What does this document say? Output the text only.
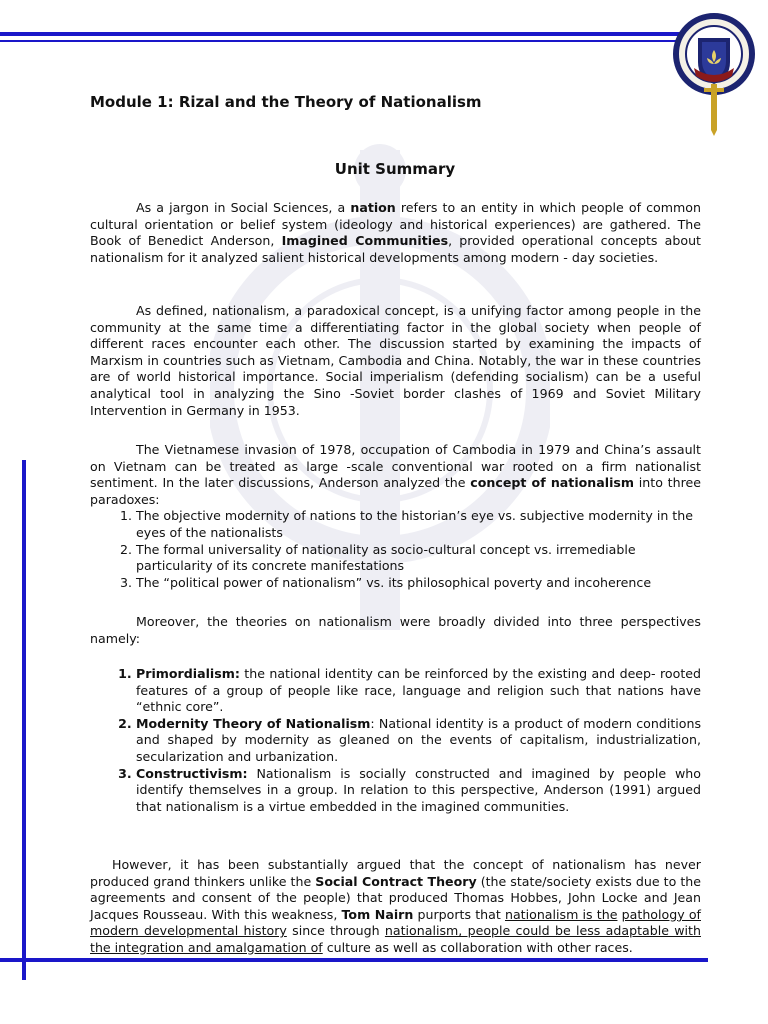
Module 1: Rizal and the Theory of Nationalism
Unit Summary

As a jargon in Social Sciences, a nation refers to an entity in which people of common cultural orientation or belief system (ideology and historical experiences) are gathered. The Book of Benedict Anderson, Imagined Communities, provided operational concepts about nationalism for it analyzed salient historical developments among modern - day societies.

As defined, nationalism, a paradoxical concept, is a unifying factor among people in the community at the same time a differentiating factor in the global society when people of different races encounter each other. The discussion started by examining the impacts of Marxism in countries such as Vietnam, Cambodia and China. Notably, the war in these countries are of world historical importance. Social imperialism (defending socialism) can be a useful analytical tool in analyzing the Sino -Soviet border clashes of 1969 and Soviet Military Intervention in Germany in 1953.

The Vietnamese invasion of 1978, occupation of Cambodia in 1979 and China’s assault on Vietnam can be treated as large -scale conventional war rooted on a firm nationalist sentiment. In the later discussions, Anderson analyzed the concept of nationalism into three paradoxes:

1. The objective modernity of nations to the historian’s eye vs. subjective modernity in the eyes of the nationalists
2. The formal universality of nationality as socio-cultural concept vs. irremediable particularity of its concrete manifestations
3. The “political power of nationalism” vs. its philosophical poverty and incoherence

Moreover, the theories on nationalism were broadly divided into three perspectives namely:

1. Primordialism: the national identity can be reinforced by the existing and deep- rooted features of a group of people like race, language and religion such that nations have “ethnic core”.
2. Modernity Theory of Nationalism: National identity is a product of modern conditions and shaped by modernity as gleaned on the events of capitalism, industrialization, secularization and urbanization.
3. Constructivism: Nationalism is socially constructed and imagined by people who identify themselves in a group. In relation to this perspective, Anderson (1991) argued that nationalism is a virtue embedded in the imagined communities.

However, it has been substantially argued that the concept of nationalism has never produced grand thinkers unlike the Social Contract Theory (the state/society exists due to the agreements and consent of the people) that produced Thomas Hobbes, John Locke and Jean Jacques Rousseau. With this weakness, Tom Nairn purports that nationalism is the pathology of modern developmental history since through nationalism, people could be less adaptable with the integration and amalgamation of culture as well as collaboration with other races.
